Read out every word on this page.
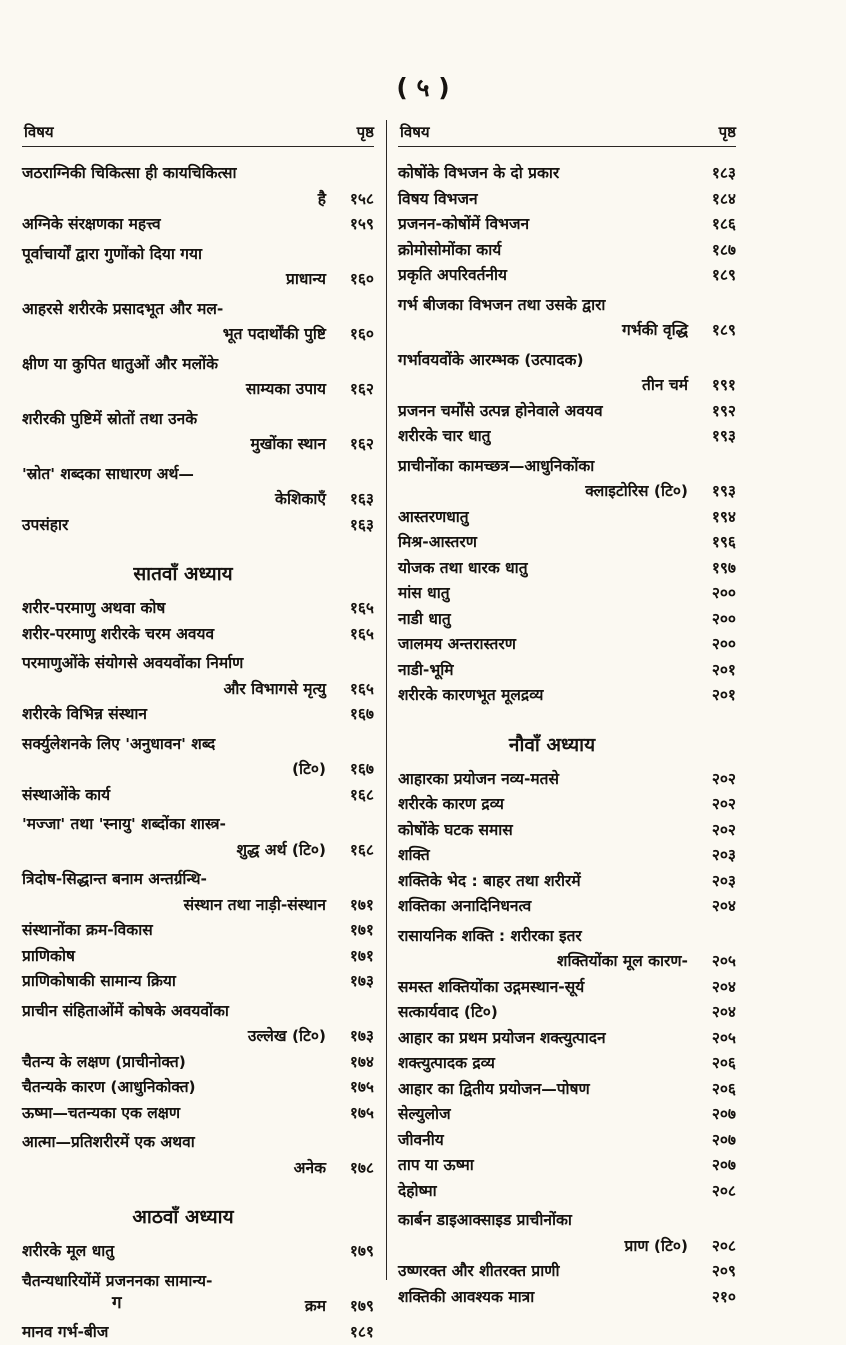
( ५ )
विषय	पृष्ठ
जठराग्निकी चिकित्सा ही कायचिकित्सा
है	१५८
अग्निके संरक्षणका महत्त्व	१५९
पूर्वाचार्यों द्वारा गुणोंको दिया गया
प्राधान्य	१६०
आहरसे शरीरके प्रसादभूत और मल-
भूत पदार्थोंकी पुष्टि	१६०
क्षीण या कुपित धातुओं और मलोंके
साम्यका उपाय	१६२
शरीरकी पुष्टिमें स्रोतों तथा उनके
मुखोंका स्थान	१६२
'स्रोत' शब्दका साधारण अर्थ—
केशिकाएँ	१६३
उपसंहार	१६३
सातवाँ अध्याय
शरीर-परमाणु अथवा कोष	१६५
शरीर-परमाणु शरीरके चरम अवयव	१६५
परमाणुओंके संयोगसे अवयवोंका निर्माण
और विभागसे मृत्यु	१६५
शरीरके विभिन्न संस्थान	१६७
सर्क्युलेशनके लिए 'अनुधावन' शब्द
(टि०)	१६७
संस्थाओंके कार्य	१६८
'मज्जा' तथा 'स्नायु' शब्दोंका शास्त्र-
शुद्ध अर्थ (टि०)	१६८
त्रिदोष-सिद्धान्त बनाम अन्तर्ग्रन्थि-
संस्थान तथा नाड़ी-संस्थान	१७१
संस्थानोंका क्रम-विकास	१७१
प्राणिकोष	१७१
प्राणिकोषाकी सामान्य क्रिया	१७३
प्राचीन संहिताओंमें कोषके अवयवोंका
उल्लेख (टि०)	१७३
चैतन्य के लक्षण (प्राचीनोक्त)	१७४
चैतन्यके कारण (आधुनिकोक्त)	१७५
ऊष्मा—चतन्यका एक लक्षण	१७५
आत्मा—प्रतिशरीरमें एक अथवा
अनेक	१७८
आठवाँ अध्याय
शरीरके मूल धातु	१७९
चैतन्यधारियोंमें प्रजननका सामान्य-
क्रम	१७९
मानव गर्भ-बीज	१८१
विषय	पृष्ठ
कोषोंके विभजन के दो प्रकार	१८३
विषय विभजन	१८४
प्रजनन-कोषोंमें विभजन	१८६
क्रोमोसोमोंका कार्य	१८७
प्रकृति अपरिवर्तनीय	१८९
गर्भ बीजका विभजन तथा उसके द्वारा
गर्भकी वृद्धि	१८९
गर्भावयवोंके आरम्भक (उत्पादक)
तीन चर्म	१९१
प्रजनन चर्मोंसे उत्पन्न होनेवाले अवयव	१९२
शरीरके चार धातु	१९३
प्राचीनोंका कामच्छत्र—आधुनिकोंका
क्लाइटोरिस (टि०)	१९३
आस्तरणधातु	१९४
मिश्र-आस्तरण	१९६
योजक तथा धारक धातु	१९७
मांस धातु	२००
नाडी धातु	२००
जालमय अन्तरास्तरण	२००
नाडी-भूमि	२०१
शरीरके कारणभूत मूलद्रव्य	२०१
नौवाँ अध्याय
आहारका प्रयोजन नव्य-मतसे	२०२
शरीरके कारण द्रव्य	२०२
कोषोंके घटक समास	२०२
शक्ति	२०३
शक्तिके भेद : बाहर तथा शरीरमें	२०३
शक्तिका अनादिनिधनत्व	२०४
रासायनिक शक्ति : शरीरका इतर
शक्तियोंका मूल कारण-	२०५
समस्त शक्तियोंका उद्गमस्थान-सूर्य	२०४
सत्कार्यवाद (टि०)	२०४
आहार का प्रथम प्रयोजन शक्त्युत्पादन	२०५
शक्त्युत्पादक द्रव्य	२०६
आहार का द्वितीय प्रयोजन—पोषण	२०६
सेल्युलोज	२०७
जीवनीय	२०७
ताप या ऊष्मा	२०७
देहोष्मा	२०८
कार्बन डाइआक्साइड प्राचीनोंका
प्राण (टि०)	२०८
उष्णरक्त और शीतरक्त प्राणी	२०९
शक्तिकी आवश्यक मात्रा	२१०
ग
